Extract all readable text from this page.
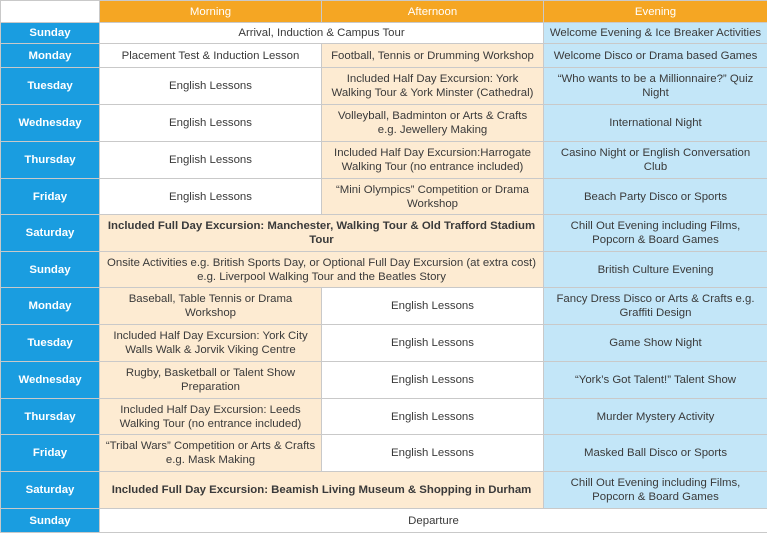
	Morning	Afternoon	Evening
Sunday	Arrival, Induction & Campus Tour		Welcome Evening & Ice Breaker Activities
Monday	Placement Test & Induction Lesson	Football, Tennis or Drumming Workshop	Welcome Disco or Drama based Games
Tuesday	English Lessons	Included Half Day Excursion: York Walking Tour & York Minster (Cathedral)	“Who wants to be a Millionnaire?” Quiz Night
Wednesday	English Lessons	Volleyball, Badminton or Arts & Crafts e.g. Jewellery Making	International Night
Thursday	English Lessons	Included Half Day Excursion:Harrogate Walking Tour (no entrance included)	Casino Night or English Conversation Club
Friday	English Lessons	“Mini Olympics” Competition or Drama Workshop	Beach Party Disco or Sports
Saturday	Included Full Day Excursion: Manchester, Walking Tour & Old Trafford Stadium Tour		Chill Out Evening including Films, Popcorn & Board Games
Sunday	Onsite Activities e.g. British Sports Day, or Optional Full Day Excursion (at extra cost) e.g. Liverpool Walking Tour and the Beatles Story		British Culture Evening
Monday	Baseball, Table Tennis or Drama Workshop	English Lessons	Fancy Dress Disco or Arts & Crafts e.g. Graffiti Design
Tuesday	Included Half Day Excursion: York City Walls Walk & Jorvik Viking Centre	English Lessons	Game Show Night
Wednesday	Rugby, Basketball or Talent Show Preparation	English Lessons	“York’s Got Talent!” Talent Show
Thursday	Included Half Day Excursion: Leeds Walking Tour (no entrance included)	English Lessons	Murder Mystery Activity
Friday	“Tribal Wars” Competition or Arts & Crafts e.g. Mask Making	English Lessons	Masked Ball Disco or Sports
Saturday	Included Full Day Excursion: Beamish Living Museum & Shopping in Durham		Chill Out Evening including Films, Popcorn & Board Games
Sunday	Departure		
